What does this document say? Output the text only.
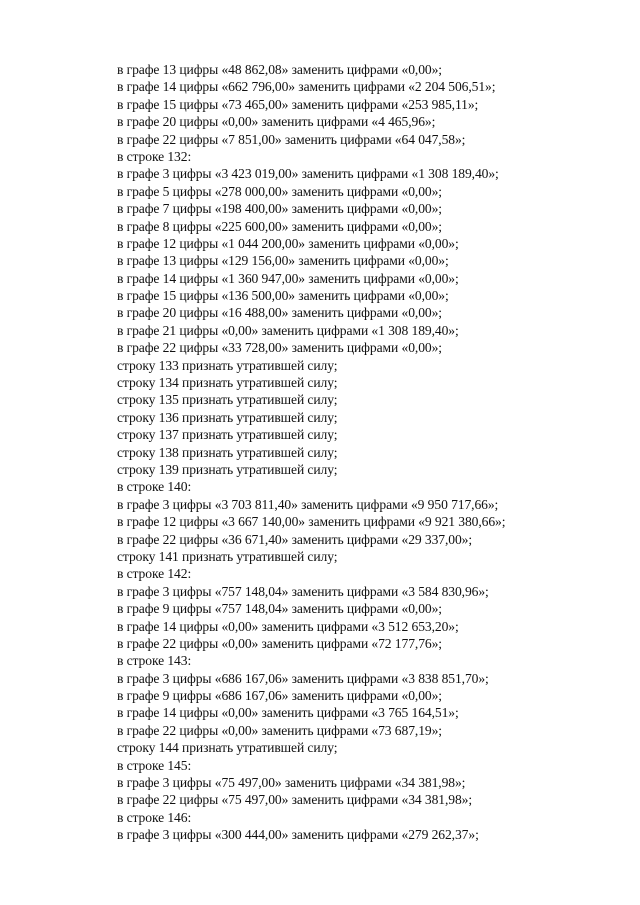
в графе 13 цифры «48 862,08» заменить цифрами «0,00»;
в графе 14 цифры «662 796,00» заменить цифрами «2 204 506,51»;
в графе 15 цифры «73 465,00» заменить цифрами «253 985,11»;
в графе 20 цифры «0,00» заменить цифрами «4 465,96»;
в графе 22 цифры «7 851,00» заменить цифрами «64 047,58»;
в строке 132:
в графе 3 цифры «3 423 019,00» заменить цифрами «1 308 189,40»;
в графе 5 цифры «278 000,00» заменить цифрами «0,00»;
в графе 7 цифры «198 400,00» заменить цифрами «0,00»;
в графе 8 цифры «225 600,00» заменить цифрами «0,00»;
в графе 12 цифры «1 044 200,00» заменить цифрами «0,00»;
в графе 13 цифры «129 156,00» заменить цифрами «0,00»;
в графе 14 цифры «1 360 947,00» заменить цифрами «0,00»;
в графе 15 цифры «136 500,00» заменить цифрами «0,00»;
в графе 20 цифры «16 488,00» заменить цифрами «0,00»;
в графе 21 цифры «0,00» заменить цифрами «1 308 189,40»;
в графе 22 цифры «33 728,00» заменить цифрами «0,00»;
строку 133 признать утратившей силу;
строку 134 признать утратившей силу;
строку 135 признать утратившей силу;
строку 136 признать утратившей силу;
строку 137 признать утратившей силу;
строку 138 признать утратившей силу;
строку 139 признать утратившей силу;
в строке 140:
в графе 3 цифры «3 703 811,40» заменить цифрами «9 950 717,66»;
в графе 12 цифры «3 667 140,00» заменить цифрами «9 921 380,66»;
в графе 22 цифры «36 671,40» заменить цифрами «29 337,00»;
строку 141 признать утратившей силу;
в строке 142:
в графе 3 цифры «757 148,04» заменить цифрами «3 584 830,96»;
в графе 9 цифры «757 148,04» заменить цифрами «0,00»;
в графе 14 цифры «0,00» заменить цифрами «3 512 653,20»;
в графе 22 цифры «0,00» заменить цифрами «72 177,76»;
в строке 143:
в графе 3 цифры «686 167,06» заменить цифрами «3 838 851,70»;
в графе 9 цифры «686 167,06» заменить цифрами «0,00»;
в графе 14 цифры «0,00» заменить цифрами «3 765 164,51»;
в графе 22 цифры «0,00» заменить цифрами «73 687,19»;
строку 144 признать утратившей силу;
в строке 145:
в графе 3 цифры «75 497,00» заменить цифрами «34 381,98»;
в графе 22 цифры «75 497,00» заменить цифрами «34 381,98»;
в строке 146:
в графе 3 цифры «300 444,00» заменить цифрами «279 262,37»;
